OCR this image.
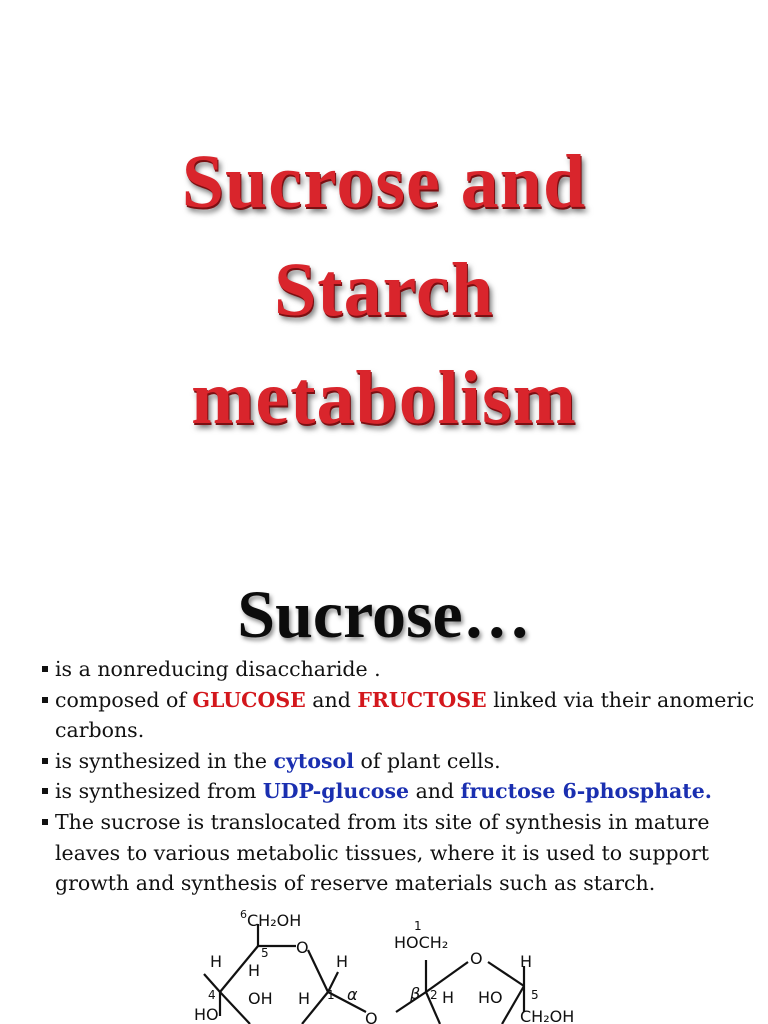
Sucrose and
Starch
metabolism
Sucrose…
is a nonreducing disaccharide .
composed of GLUCOSE and FRUCTOSE linked via their anomeric carbons.
is synthesized in the cytosol of plant cells.
is synthesized from UDP-glucose and fructose 6-phosphate.
The sucrose is translocated from its site of synthesis in mature leaves to various metabolic tissues, where it is used to support growth and synthesis of reserve materials such as starch.
6 CH₂OH
5 O
H H	H
4	1 α
OH H
HO	O
1
HOCH₂
O H
β 2 H HO 5
CH₂OH
